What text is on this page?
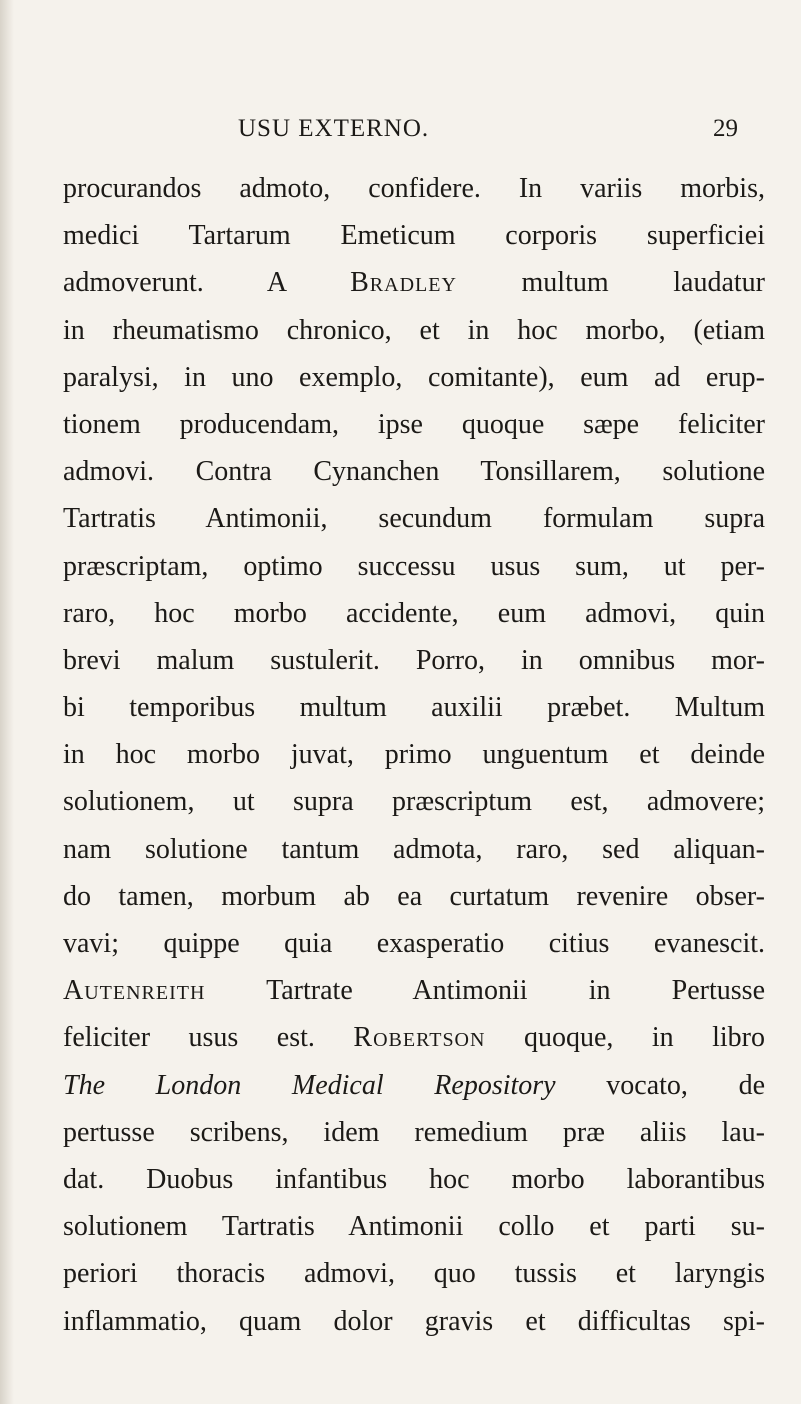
USU EXTERNO.	29
procurandos admoto, confidere. In variis morbis,
medici Tartarum Emeticum corporis superficiei
admoverunt. A Bradley multum laudatur
in rheumatismo chronico, et in hoc morbo, (etiam
paralysi, in uno exemplo, comitante), eum ad erup-
tionem producendam, ipse quoque sæpe feliciter
admovi. Contra Cynanchen Tonsillarem, solutione
Tartratis Antimonii, secundum formulam supra
præscriptam, optimo successu usus sum, ut per-
raro, hoc morbo accidente, eum admovi, quin
brevi malum sustulerit. Porro, in omnibus mor-
bi temporibus multum auxilii præbet. Multum
in hoc morbo juvat, primo unguentum et deinde
solutionem, ut supra præscriptum est, admovere;
nam solutione tantum admota, raro, sed aliquan-
do tamen, morbum ab ea curtatum revenire obser-
vavi; quippe quia exasperatio citius evanescit.
Autenreith Tartrate Antimonii in Pertusse
feliciter usus est. Robertson quoque, in libro
The London Medical Repository vocato, de
pertusse scribens, idem remedium præ aliis lau-
dat. Duobus infantibus hoc morbo laborantibus
solutionem Tartratis Antimonii collo et parti su-
periori thoracis admovi, quo tussis et laryngis
inflammatio, quam dolor gravis et difficultas spi-
